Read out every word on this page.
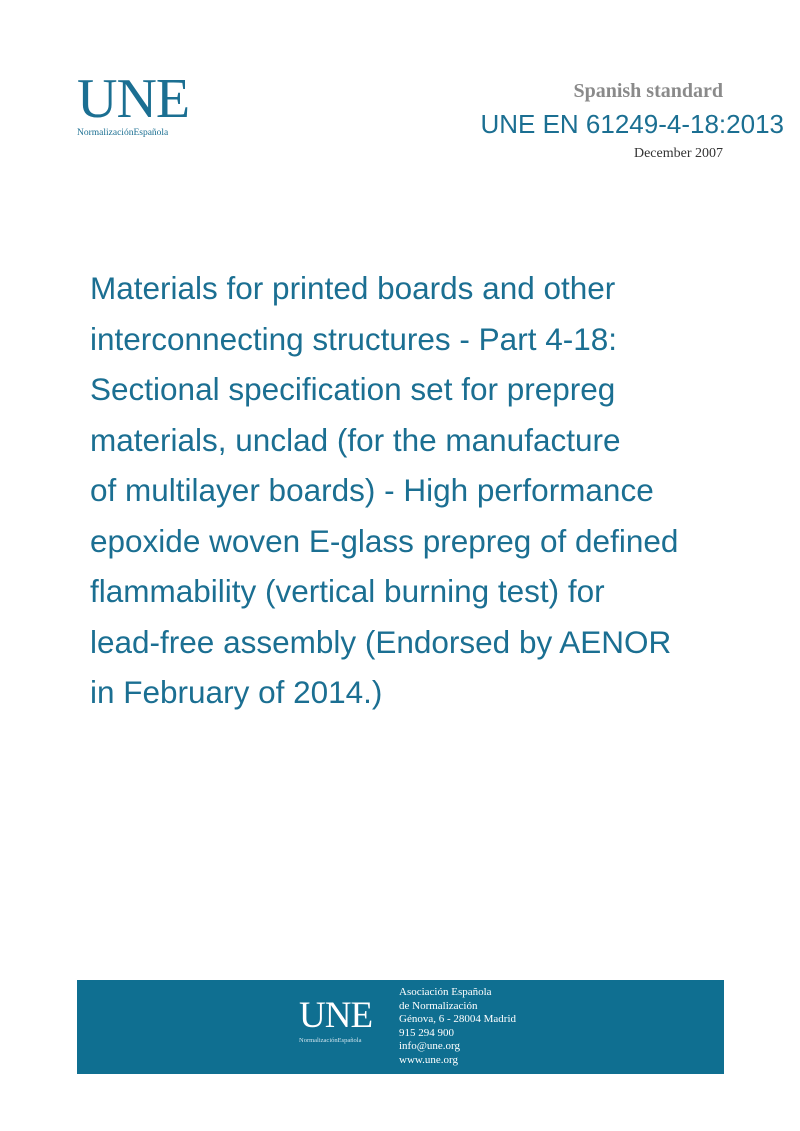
UNE
NormalizaciónEspañola
Spanish standard
UNE EN 61249-4-18:2013
December 2007
Materials for printed boards and other
interconnecting structures - Part 4-18:
Sectional specification set for prepreg
materials, unclad (for the manufacture
of multilayer boards) - High performance
epoxide woven E-glass prepreg of defined
flammability (vertical burning test) for
lead-free assembly (Endorsed by AENOR
in February of 2014.)
UNE
NormalizaciónEspañola
Asociación Española
de Normalización
Génova, 6 - 28004 Madrid
915 294 900
info@une.org
www.une.org
